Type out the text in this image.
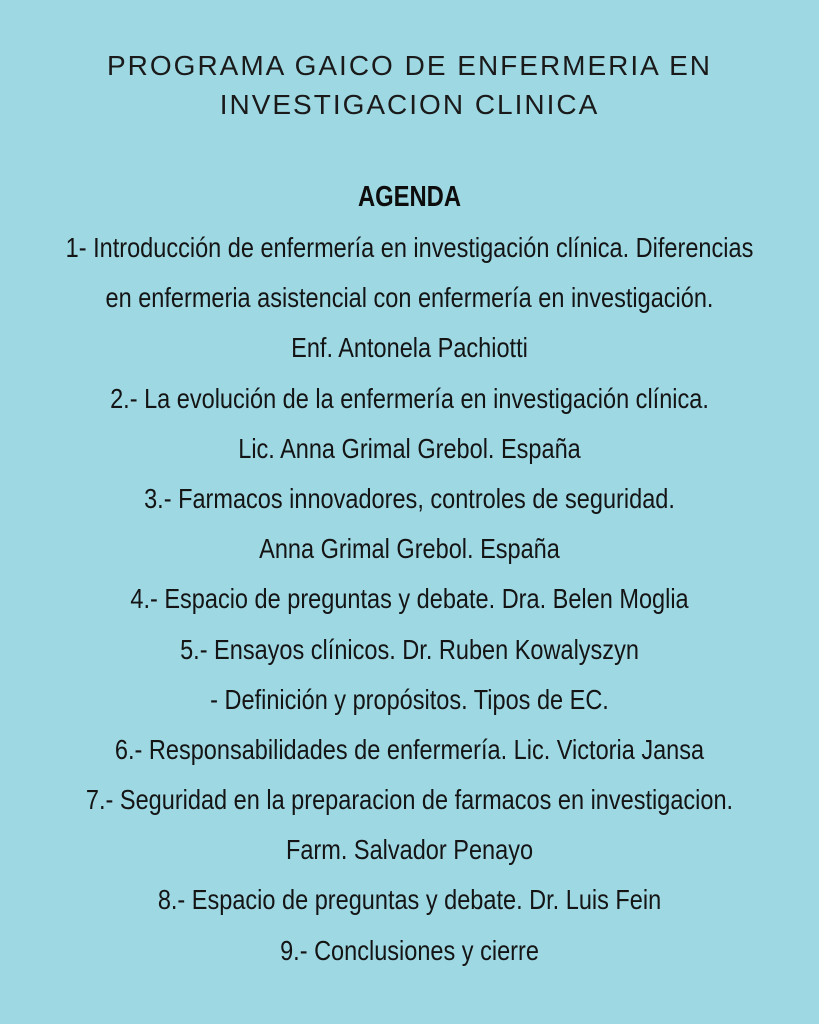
PROGRAMA GAICO DE ENFERMERIA EN
INVESTIGACION CLINICA
AGENDA
1- Introducción de enfermería en investigación clínica. Diferencias
en enfermeria asistencial con enfermería en investigación.
Enf. Antonela Pachiotti
2.- La evolución de la enfermería en investigación clínica.
Lic. Anna Grimal Grebol. España
3.- Farmacos innovadores, controles de seguridad.
Anna Grimal Grebol. España
4.- Espacio de preguntas y debate. Dra. Belen Moglia
5.- Ensayos clínicos. Dr. Ruben Kowalyszyn
- Definición y propósitos. Tipos de EC.
6.- Responsabilidades de enfermería. Lic. Victoria Jansa
7.- Seguridad en la preparacion de farmacos en investigacion.
Farm. Salvador Penayo
8.- Espacio de preguntas y debate. Dr. Luis Fein
9.- Conclusiones y cierre
